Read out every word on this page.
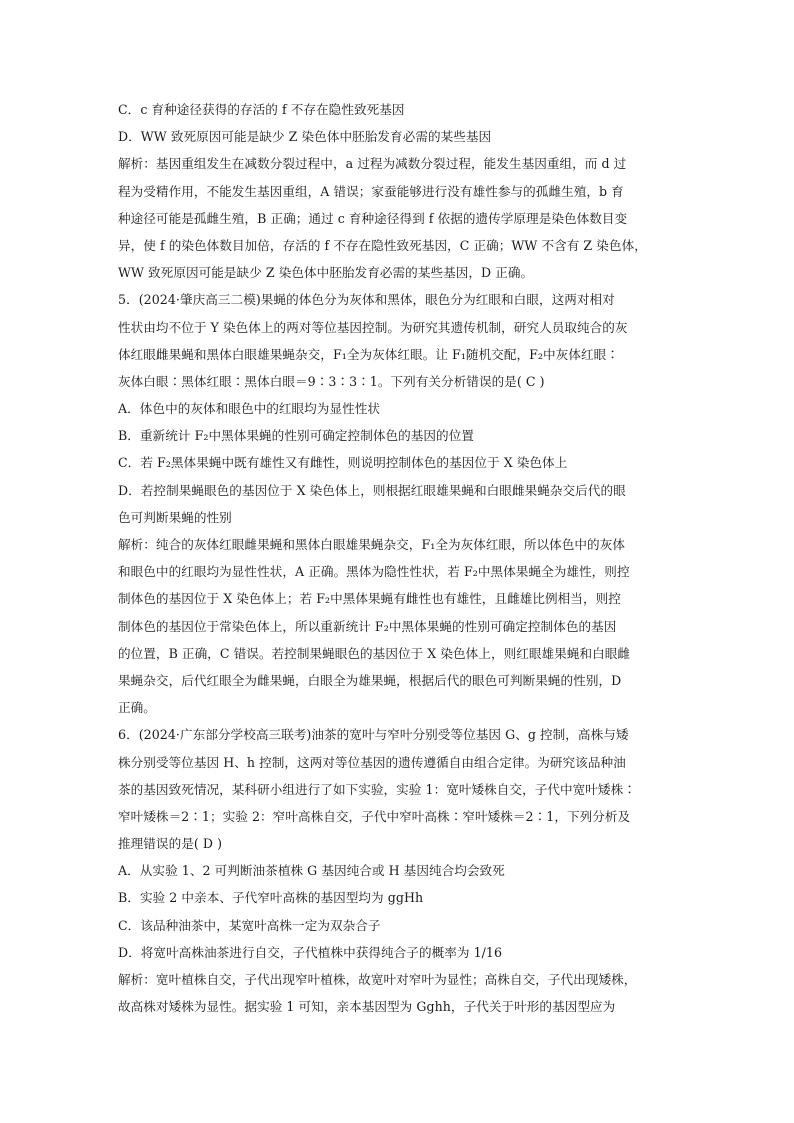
C．c 育种途径获得的存活的 f 不存在隐性致死基因
D．WW 致死原因可能是缺少 Z 染色体中胚胎发育必需的某些基因
解析：基因重组发生在减数分裂过程中，a 过程为减数分裂过程，能发生基因重组，而 d 过
程为受精作用，不能发生基因重组，A 错误；家蚕能够进行没有雄性参与的孤雌生殖，b 育
种途径可能是孤雌生殖，B 正确；通过 c 育种途径得到 f 依据的遗传学原理是染色体数目变
异，使 f 的染色体数目加倍，存活的 f 不存在隐性致死基因，C 正确；WW 不含有 Z 染色体，
WW 致死原因可能是缺少 Z 染色体中胚胎发育必需的某些基因，D 正确。
5．(2024·肇庆高三二模)果蝇的体色分为灰体和黑体，眼色分为红眼和白眼，这两对相对
性状由均不位于 Y 染色体上的两对等位基因控制。为研究其遗传机制，研究人员取纯合的灰
体红眼雌果蝇和黑体白眼雄果蝇杂交，F₁全为灰体红眼。让 F₁随机交配，F₂中灰体红眼∶
灰体白眼∶黑体红眼∶黑体白眼＝9∶3∶3∶1。下列有关分析错误的是( C )
A．体色中的灰体和眼色中的红眼均为显性性状
B．重新统计 F₂中黑体果蝇的性别可确定控制体色的基因的位置
C．若 F₂黑体果蝇中既有雄性又有雌性，则说明控制体色的基因位于 X 染色体上
D．若控制果蝇眼色的基因位于 X 染色体上，则根据红眼雄果蝇和白眼雌果蝇杂交后代的眼
色可判断果蝇的性别
解析：纯合的灰体红眼雌果蝇和黑体白眼雄果蝇杂交，F₁全为灰体红眼，所以体色中的灰体
和眼色中的红眼均为显性性状，A 正确。黑体为隐性性状，若 F₂中黑体果蝇全为雄性，则控
制体色的基因位于 X 染色体上；若 F₂中黑体果蝇有雌性也有雄性，且雌雄比例相当，则控
制体色的基因位于常染色体上，所以重新统计 F₂中黑体果蝇的性别可确定控制体色的基因
的位置，B 正确，C 错误。若控制果蝇眼色的基因位于 X 染色体上，则红眼雄果蝇和白眼雌
果蝇杂交，后代红眼全为雌果蝇，白眼全为雄果蝇，根据后代的眼色可判断果蝇的性别，D
正确。
6．(2024·广东部分学校高三联考)油茶的宽叶与窄叶分别受等位基因 G、g 控制，高株与矮
株分别受等位基因 H、h 控制，这两对等位基因的遗传遵循自由组合定律。为研究该品种油
茶的基因致死情况，某科研小组进行了如下实验，实验 1：宽叶矮株自交，子代中宽叶矮株∶
窄叶矮株＝2∶1；实验 2：窄叶高株自交，子代中窄叶高株∶窄叶矮株＝2∶1，下列分析及
推理错误的是( D )
A．从实验 1、2 可判断油茶植株 G 基因纯合或 H 基因纯合均会致死
B．实验 2 中亲本、子代窄叶高株的基因型均为 ggHh
C．该品种油茶中，某宽叶高株一定为双杂合子
D．将宽叶高株油茶进行自交，子代植株中获得纯合子的概率为 1/16
解析：宽叶植株自交，子代出现窄叶植株，故宽叶对窄叶为显性；高株自交，子代出现矮株，
故高株对矮株为显性。据实验 1 可知，亲本基因型为 Gghh，子代关于叶形的基因型应为
